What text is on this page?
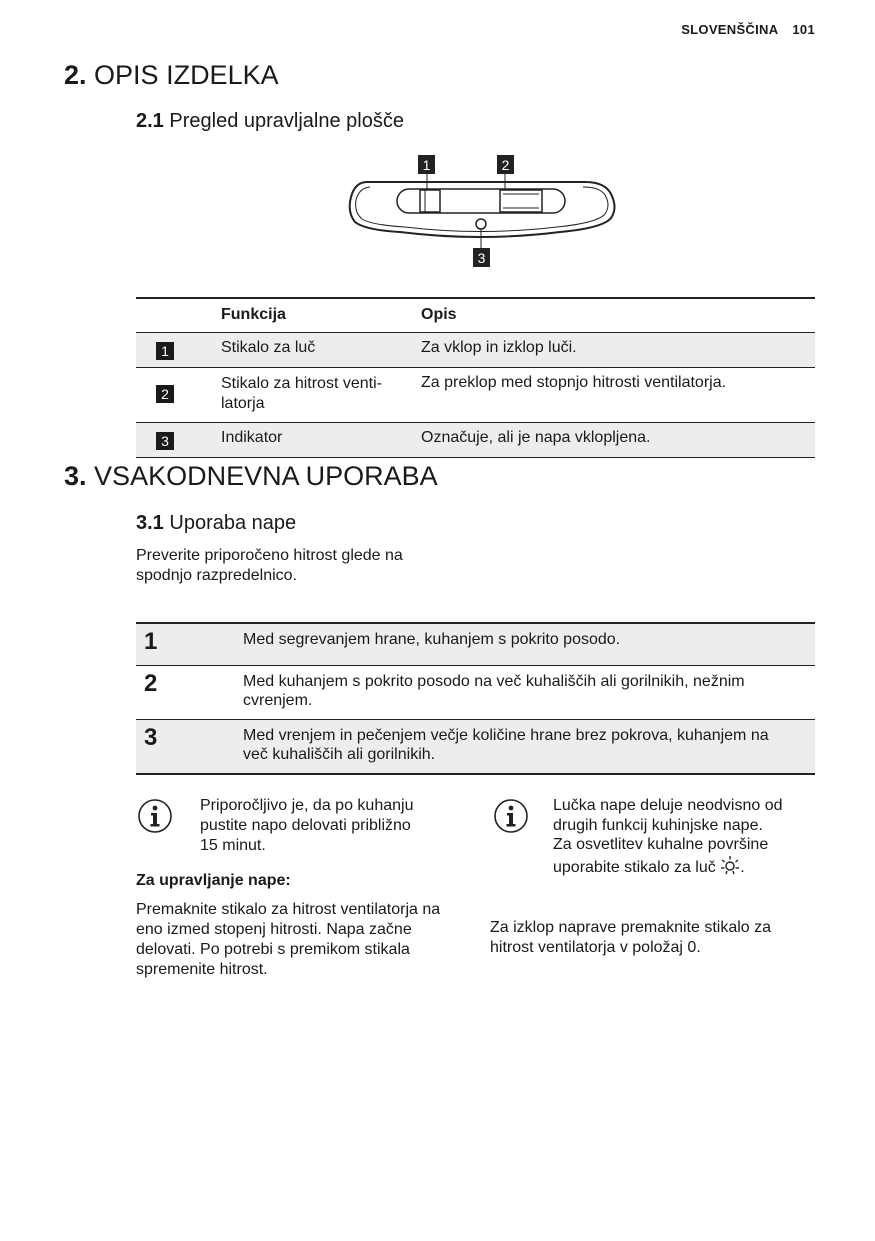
SLOVENŠČINA 101
2. OPIS IZDELKA
2.1 Pregled upravljalne plošče
1	2
3
	Funkcija	Opis
1	Stikalo za luč	Za vklop in izklop luči.
2	Stikalo za hitrost venti-latorja	Za preklop med stopnjo hitrosti ventilatorja.
3	Indikator	Označuje, ali je napa vklopljena.
3. VSAKODNEVNA UPORABA
3.1 Uporaba nape
Preverite priporočeno hitrost glede na spodnjo razpredelnico.
1	Med segrevanjem hrane, kuhanjem s pokrito posodo.
2	Med kuhanjem s pokrito posodo na več kuhališčih ali gorilnikih, nežnim cvrenjem.
3	Med vrenjem in pečenjem večje količine hrane brez pokrova, kuhanjem na več kuhališčih ali gorilnikih.
Priporočljivo je, da po kuhanju pustite napo delovati približno 15 minut.
Za upravljanje nape:
Premaknite stikalo za hitrost ventilatorja na eno izmed stopenj hitrosti. Napa začne delovati. Po potrebi s premikom stikala spremenite hitrost.
Lučka nape deluje neodvisno od drugih funkcij kuhinjske nape. Za osvetlitev kuhalne površine uporabite stikalo za luč .
Za izklop naprave premaknite stikalo za hitrost ventilatorja v položaj 0.
